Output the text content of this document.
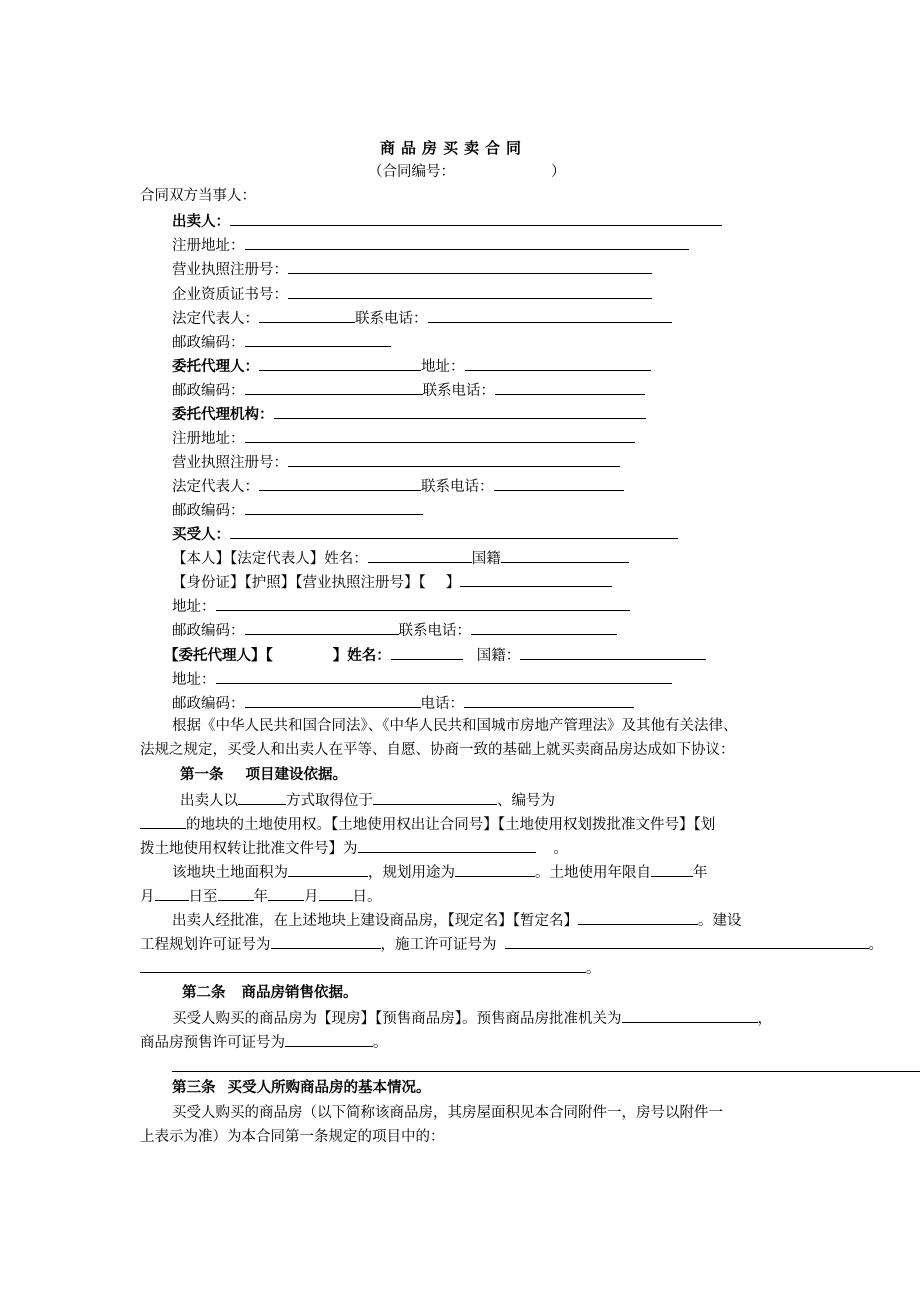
商品房买卖合同
（合同编号：	）
合同双方当事人：
出卖人：
注册地址：
营业执照注册号：
企业资质证书号：
法定代表人：	联系电话：
邮政编码：
委托代理人：	地址：
邮政编码：	联系电话：
委托代理机构：
注册地址：
营业执照注册号：
法定代表人：	联系电话：
邮政编码：
买受人：
【本人】【法定代表人】姓名：	国籍
【身份证】【护照】【营业执照注册号】【 】
地址：
邮政编码：	联系电话：
【委托代理人】【	】姓名：	国籍：
地址：
邮政编码：	电话：
根据《中华人民共和国合同法》、《中华人民共和国城市房地产管理法》及其他有关法律、
法规之规定，买受人和出卖人在平等、自愿、协商一致的基础上就买卖商品房达成如下协议：
第一条 项目建设依据。
出卖人以	方式取得位于	、编号为
的地块的土地使用权。【土地使用权出让合同号】【土地使用权划拨批准文件号】【划
拨土地使用权转让批准文件号】为	。
该地块土地面积为	，规划用途为	。土地使用年限自	年
月 日至 年 月 日。
出卖人经批准，在上述地块上建设商品房，【现定名】【暂定名】	。建设
工程规划许可证号为	，施工许可证号为	。
。
第二条 商品房销售依据。
买受人购买的商品房为【现房】【预售商品房】。预售商品房批准机关为	，
商品房预售许可证号为	。
第三条 买受人所购商品房的基本情况。
买受人购买的商品房（以下简称该商品房，其房屋面积见本合同附件一，房号以附件一
上表示为准）为本合同第一条规定的项目中的：
